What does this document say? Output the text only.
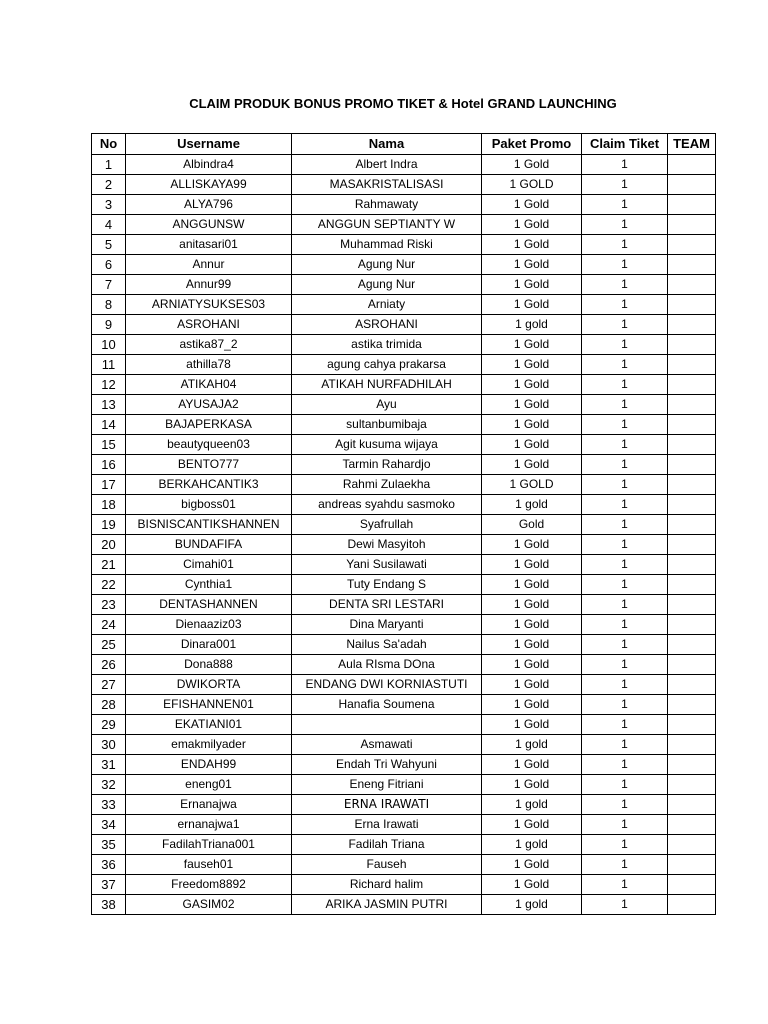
CLAIM PRODUK BONUS PROMO TIKET & Hotel GRAND LAUNCHING
No	Username	Nama	Paket Promo	Claim Tiket	TEAM
1	Albindra4	Albert Indra	1 Gold	1	
2	ALLISKAYA99	MASAKRISTALISASI	1 GOLD	1	
3	ALYA796	Rahmawaty	1 Gold	1	
4	ANGGUNSW	ANGGUN SEPTIANTY W	1 Gold	1	
5	anitasari01	Muhammad Riski	1 Gold	1	
6	Annur	Agung Nur	1 Gold	1	
7	Annur99	Agung Nur	1 Gold	1	
8	ARNIATYSUKSES03	Arniaty	1 Gold	1	
9	ASROHANI	ASROHANI	1 gold	1	
10	astika87_2	astika trimida	1 Gold	1	
11	athilla78	agung cahya prakarsa	1 Gold	1	
12	ATIKAH04	ATIKAH NURFADHILAH	1 Gold	1	
13	AYUSAJA2	Ayu	1 Gold	1	
14	BAJAPERKASA	sultanbumibaja	1 Gold	1	
15	beautyqueen03	Agit kusuma wijaya	1 Gold	1	
16	BENTO777	Tarmin Rahardjo	1 Gold	1	
17	BERKAHCANTIK3	Rahmi Zulaekha	1 GOLD	1	
18	bigboss01	andreas syahdu sasmoko	1 gold	1	
19	BISNISCANTIKSHANNEN	Syafrullah	Gold	1	
20	BUNDAFIFA	Dewi Masyitoh	1 Gold	1	
21	Cimahi01	Yani Susilawati	1 Gold	1	
22	Cynthia1	Tuty Endang S	1 Gold	1	
23	DENTASHANNEN	DENTA SRI LESTARI	1 Gold	1	
24	Dienaaziz03	Dina Maryanti	1 Gold	1	
25	Dinara001	Nailus Sa'adah	1 Gold	1	
26	Dona888	Aula RIsma DOna	1 Gold	1	
27	DWIKORTA	ENDANG DWI KORNIASTUTI	1 Gold	1	
28	EFISHANNEN01	Hanafia Soumena	1 Gold	1	
29	EKATIANI01		1 Gold	1	
30	emakmilyader	Asmawati	1 gold	1	
31	ENDAH99	Endah Tri Wahyuni	1 Gold	1	
32	eneng01	Eneng Fitriani	1 Gold	1	
33	Ernanajwa	ERNA IRAWATI	1 gold	1	
34	ernanajwa1	Erna Irawati	1 Gold	1	
35	FadilahTriana001	Fadilah Triana	1 gold	1	
36	fauseh01	Fauseh	1 Gold	1	
37	Freedom8892	Richard halim	1 Gold	1	
38	GASIM02	ARIKA JASMIN PUTRI	1 gold	1	
